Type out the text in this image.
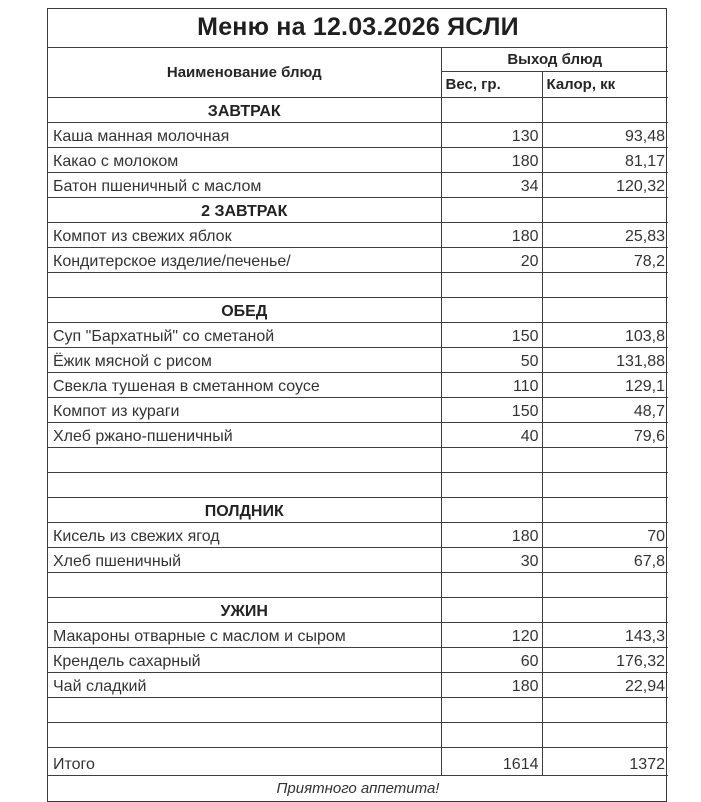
Меню на 12.03.2026 ЯСЛИ		
Наименование блюд	Выход блюд	
	Вес, гр.	Калор, кк
ЗАВТРАК		
Каша манная молочная	130	93,48
Какао с молоком	180	81,17
Батон пшеничный с маслом	34	120,32
2 ЗАВТРАК		
Компот из свежих яблок	180	25,83
Кондитерское изделие/печенье/	20	78,2

ОБЕД		
Суп "Бархатный" со сметаной	150	103,8
Ёжик мясной с рисом	50	131,88
Свекла тушеная в сметанном соусе	110	129,1
Компот из кураги	150	48,7
Хлеб ржано-пшеничный	40	79,6

ПОЛДНИК		
Кисель из свежих ягод	180	70
Хлеб пшеничный	30	67,8

УЖИН		
Макароны отварные с маслом и сыром	120	143,3
Крендель сахарный	60	176,32
Чай сладкий	180	22,94

Итого	1614	1372
Приятного аппетита!		
